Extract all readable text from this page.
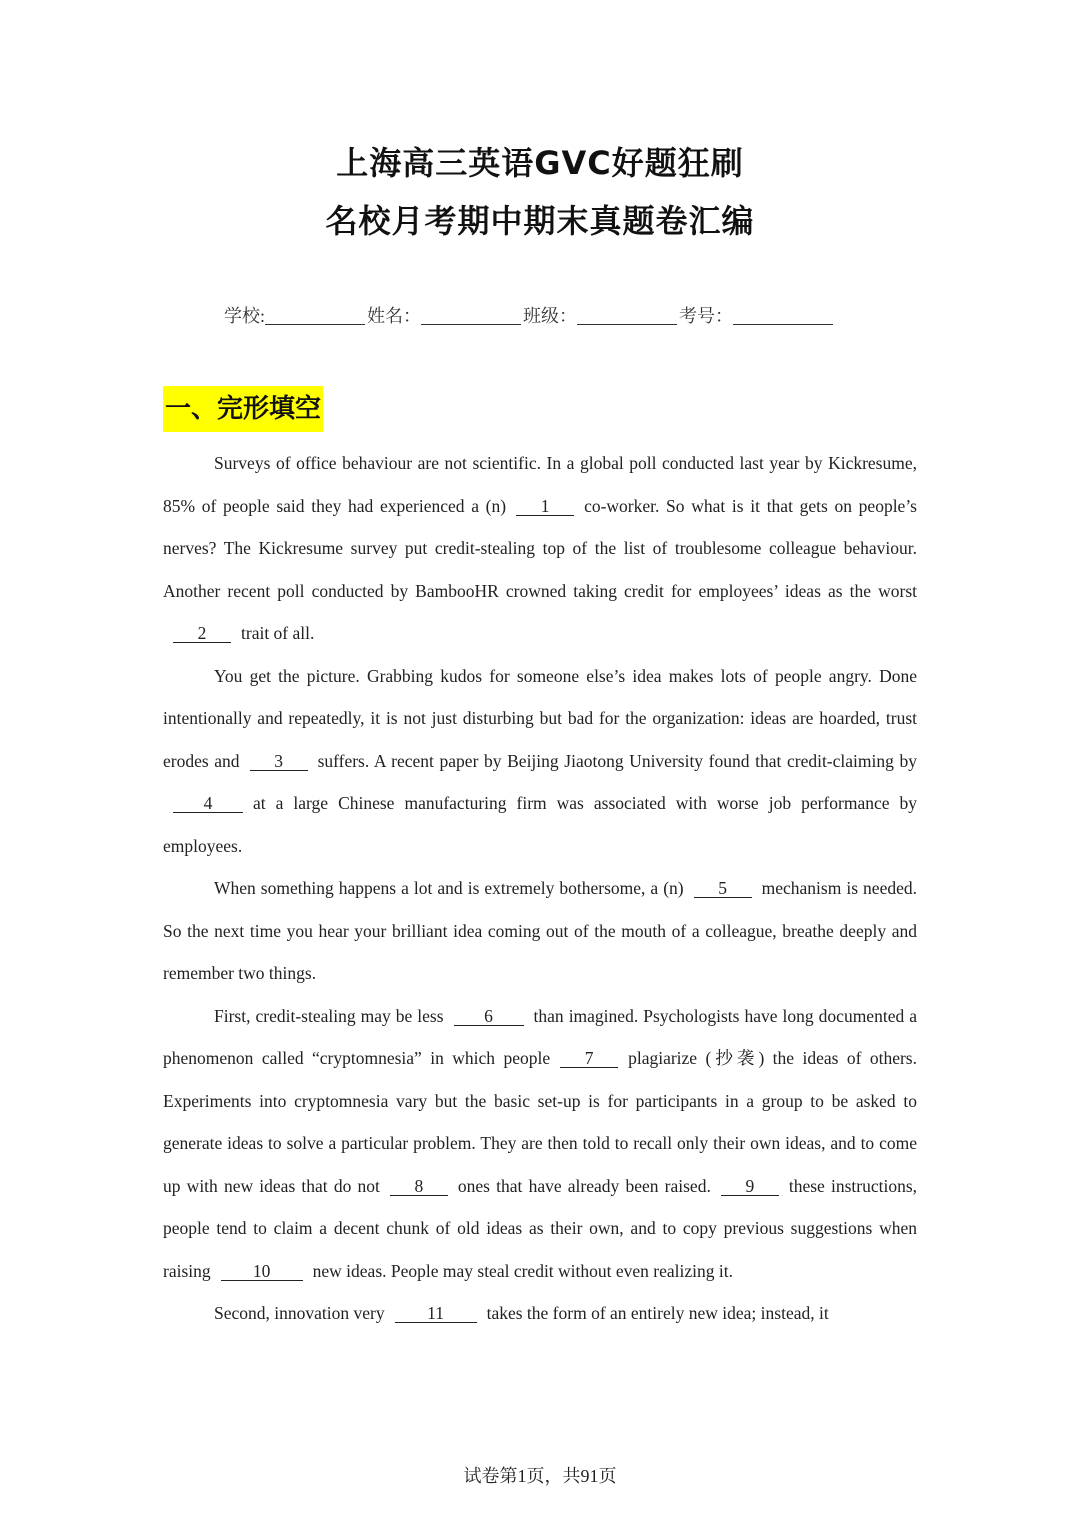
上海高三英语GVC好题狂刷
名校月考期中期末真题卷汇编
学校:	姓名：	班级：	考号：
一、完形填空

Surveys of office behaviour are not scientific. In a global poll conducted last year by Kickresume, 85% of people said they had experienced a (n) 1 co-worker. So what is it that gets on people’s nerves? The Kickresume survey put credit-stealing top of the list of troublesome colleague behaviour. Another recent poll conducted by BambooHR crowned taking credit for employees’ ideas as the worst2 trait of all.

You get the picture. Grabbing kudos for someone else’s idea makes lots of people angry. Done intentionally and repeatedly, it is not just disturbing but bad for the organization: ideas are hoarded, trust erodes and 3 suffers. A recent paper by Beijing Jiaotong University found that credit-claiming by4 at a large Chinese manufacturing firm was associated with worse job performance by employees.

When something happens a lot and is extremely bothersome, a (n) 5 mechanism is needed. So the next time you hear your brilliant idea coming out of the mouth of a colleague, breathe deeply and remember two things.

First, credit-stealing may be less 6 than imagined. Psychologists have long documented a phenomenon called “cryptomnesia” in which people 7 plagiarize (抄袭) the ideas of others. Experiments into cryptomnesia vary but the basic set-up is for participants in a group to be asked to generate ideas to solve a particular problem. They are then told to recall only their own ideas, and to come up with new ideas that do not 8 ones that have already been raised. 9 these instructions, people tend to claim a decent chunk of old ideas as their own, and to copy previous suggestions when raising 10 new ideas. People may steal credit without even realizing it.

Second, innovation very 11 takes the form of an entirely new idea; instead, it

试卷第1页，共91页
